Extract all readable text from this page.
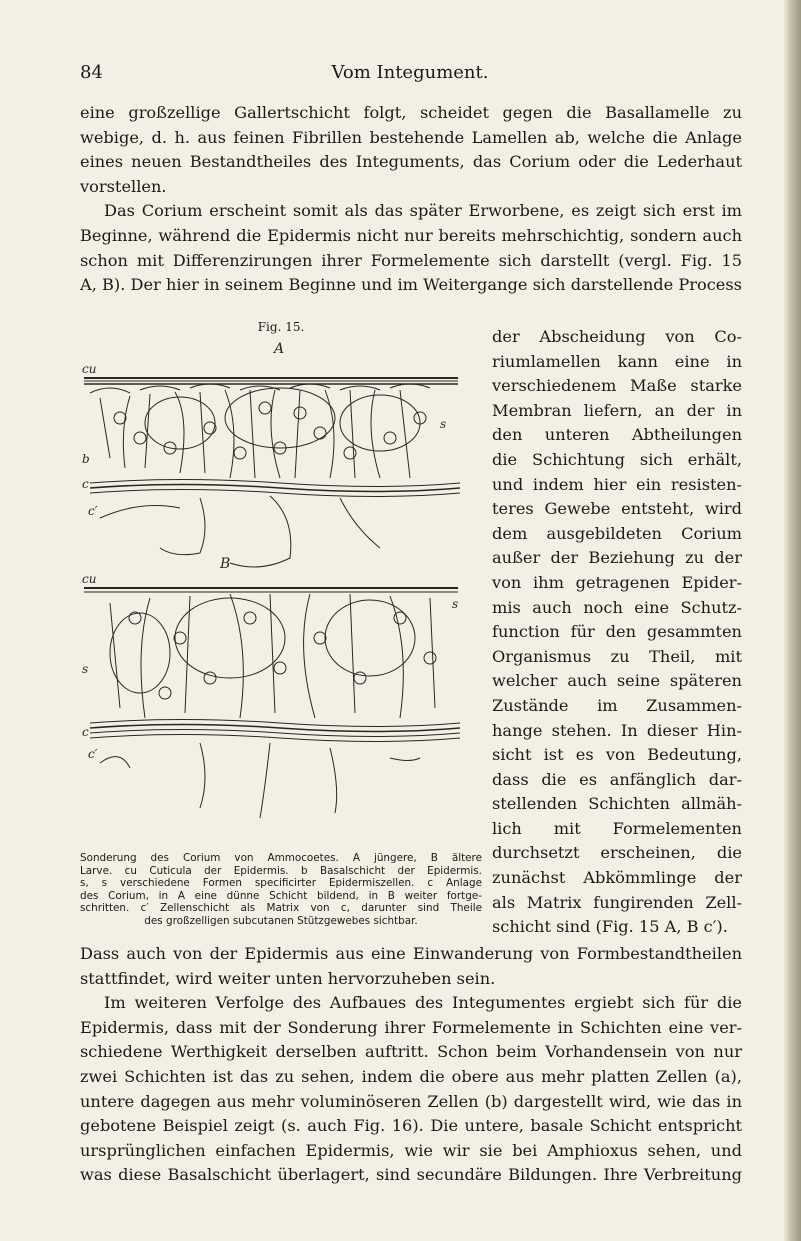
84	Vom Integument.
eine großzellige Gallertschicht folgt, scheidet gegen die Basallamelle zu
webige, d. h. aus feinen Fibrillen bestehende Lamellen ab, welche die Anlage
eines neuen Bestandtheiles des Integuments, das Corium oder die Lederhaut
vorstellen.
Das Corium erscheint somit als das später Erworbene, es zeigt sich erst im
Beginne, während die Epidermis nicht nur bereits mehrschichtig, sondern auch
schon mit Differenzirungen ihrer Formelemente sich darstellt (vergl. Fig. 15
A, B). Der hier in seinem Beginne und im Weitergange sich darstellende Process
Fig. 15.
A
cu
s
b
c
c′
B
cu
s
s
c
c′
Sonderung des Corium von Ammocoetes. A jüngere, B ältere
Larve. cu Cuticula der Epidermis. b Basalschicht der Epidermis.
s, s verschiedene Formen specificirter Epidermiszellen. c Anlage
des Corium, in A eine dünne Schicht bildend, in B weiter fortge-
schritten. c′ Zellenschicht als Matrix von c, darunter sind Theile
des großzelligen subcutanen Stützgewebes sichtbar.
der Abscheidung von Co-
riumlamellen kann eine in
verschiedenem Maße starke
Membran liefern, an der in
den unteren Abtheilungen
die Schichtung sich erhält,
und indem hier ein resisten-
teres Gewebe entsteht, wird
dem ausgebildeten Corium
außer der Beziehung zu der
von ihm getragenen Epider-
mis auch noch eine Schutz-
function für den gesammten
Organismus zu Theil, mit
welcher auch seine späteren
Zustände im Zusammen-
hange stehen. In dieser Hin-
sicht ist es von Bedeutung,
dass die es anfänglich dar-
stellenden Schichten allmäh-
lich mit Formelementen
durchsetzt erscheinen, die
zunächst Abkömmlinge der
als Matrix fungirenden Zell-
schicht sind (Fig. 15 A, B c′).
Dass auch von der Epidermis aus eine Einwanderung von Formbestandtheilen
stattfindet, wird weiter unten hervorzuheben sein.
Im weiteren Verfolge des Aufbaues des Integumentes ergiebt sich für die
Epidermis, dass mit der Sonderung ihrer Formelemente in Schichten eine ver-
schiedene Werthigkeit derselben auftritt. Schon beim Vorhandensein von nur
zwei Schichten ist das zu sehen, indem die obere aus mehr platten Zellen (a),
untere dagegen aus mehr voluminöseren Zellen (b) dargestellt wird, wie das in
gebotene Beispiel zeigt (s. auch Fig. 16). Die untere, basale Schicht entspricht
ursprünglichen einfachen Epidermis, wie wir sie bei Amphioxus sehen, und
was diese Basalschicht überlagert, sind secundäre Bildungen. Ihre Verbreitung
